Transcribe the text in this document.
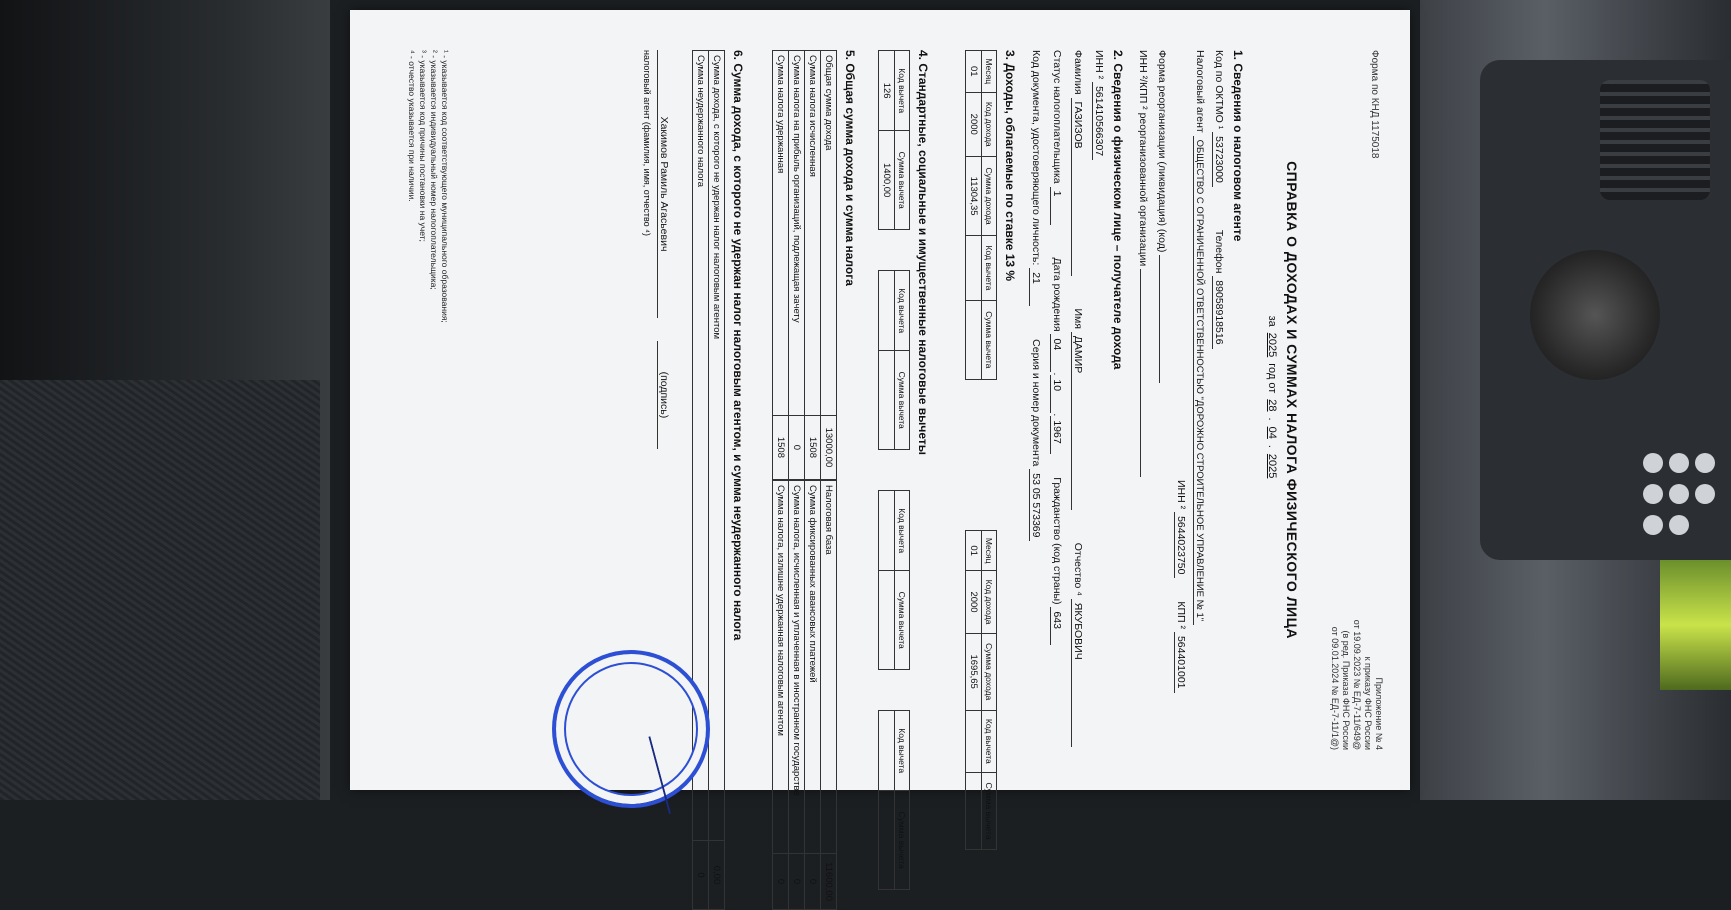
Форма по КНД 1175018
Приложение № 4
к приказу ФНС России
от 19.09.2023 № ЕД-7-11/649@
(в ред. Приказа ФНС России
от 09.01.2024 № ЕД-7-11/1@)
СПРАВКА О ДОХОДАХ И СУММАХ НАЛОГА ФИЗИЧЕСКОГО ЛИЦА
за2025год от28.04.2025
1. Сведения о налоговом агенте
Код по ОКТМО ¹ 53723000 Телефон 89058918516
Налоговый агент ОБЩЕСТВО С ОГРАНИЧЕННОЙ ОТВЕТСТВЕННОСТЬЮ "ДОРОЖНО СТРОИТЕЛЬНОЕ УПРАВЛЕНИЕ № 1"
ИНН ² 5644023750 КПП ² 564401001
Форма реорганизации (ликвидация) (код)
ИНН ²/КПП ² реорганизованной организации
2. Сведения о физическом лице – получателе дохода
ИНН ² 561410566307
Фамилия ГАЗИЗОВ Имя ДАМИР Отчество ⁴ ЯКУБОВИЧ
Статус налогоплательщика 1 Дата рождения 04.10.1967 Гражданство (код страны) 643
Код документа, удостоверяющего личность: 21 Серия и номер документа 53 05 573369
3. Доходы, облагаемые по ставке 13 %
Месяц	Код дохода	Сумма дохода	Код вычета	Сумма вычета
01	2000	11304,35		
Месяц	Код дохода	Сумма дохода	Код вычета	Сумма вычета
01	2000	1695,65		
4. Стандартные, социальные и имущественные налоговые вычеты
Код вычета	Сумма вычета
126	1400,00
Код вычета	Сумма вычета

Код вычета	Сумма вычета

Код вычета	Сумма вычета

5. Общая сумма дохода и сумма налога
Общая сумма дохода	13000,00
Сумма налога исчисленная	1508
Сумма налога на прибыль организаций, подлежащая зачету	0
Сумма налога удержанная	1508
Налоговая база	11600,00
Сумма фиксированных авансовых платежей	0
Сумма налога, исчисленная и уплаченная в иностранном государстве	0
Сумма налога, излишне удержанная налоговым агентом	0
6. Сумма дохода, с которого не удержан налог налоговым агентом, и сумма неудержанного налога
Сумма дохода, с которого не удержан налог налоговым агентом	0,00
Сумма неудержанного налога	0
Хакимов Рамиль Агасьевич (подпись)
налоговый агент (фамилия, имя, отчество ⁴)

¹ - указывается код соответствующего муниципального образования;
² - указывается индивидуальный номер налогоплательщика;
³ - указывается код причины постановки на учет;
⁴ - отчество указывается при наличии.
